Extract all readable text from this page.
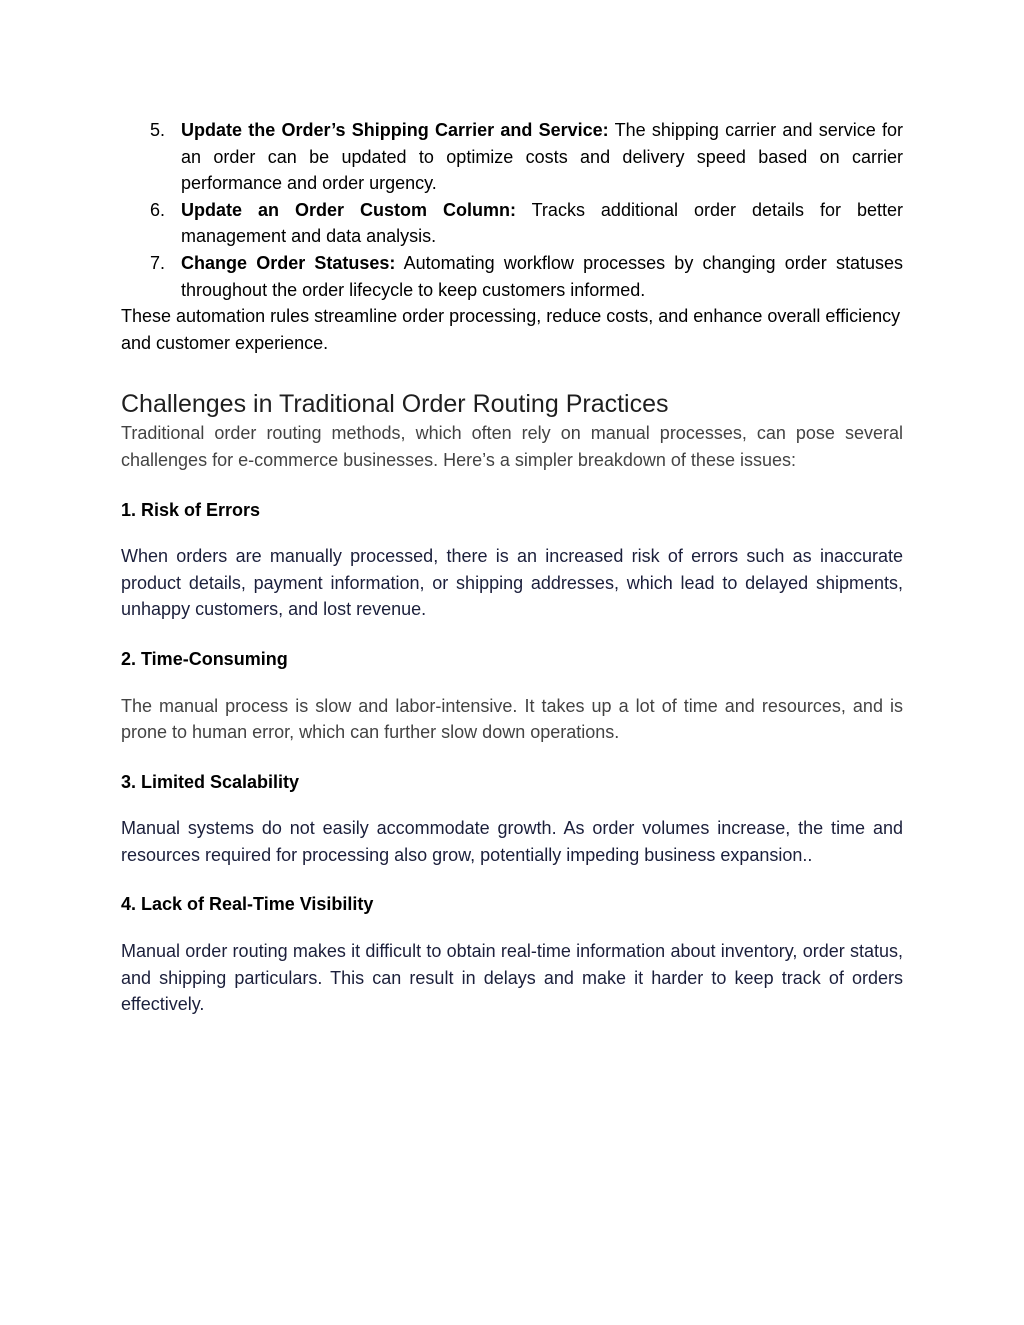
5. Update the Order’s Shipping Carrier and Service: The shipping carrier and service for an order can be updated to optimize costs and delivery speed based on carrier performance and order urgency.
6. Update an Order Custom Column: Tracks additional order details for better management and data analysis.
7. Change Order Statuses: Automating workflow processes by changing order statuses throughout the order lifecycle to keep customers informed.

These automation rules streamline order processing, reduce costs, and enhance overall efficiency and customer experience.

Challenges in Traditional Order Routing Practices

Traditional order routing methods, which often rely on manual processes, can pose several challenges for e-commerce businesses. Here’s a simpler breakdown of these issues:

1. Risk of Errors

When orders are manually processed, there is an increased risk of errors such as inaccurate product details, payment information, or shipping addresses, which lead to delayed shipments, unhappy customers, and lost revenue.

2. Time-Consuming

The manual process is slow and labor-intensive. It takes up a lot of time and resources, and is prone to human error, which can further slow down operations.

3. Limited Scalability

Manual systems do not easily accommodate growth. As order volumes increase, the time and resources required for processing also grow, potentially impeding business expansion..

4. Lack of Real-Time Visibility

Manual order routing makes it difficult to obtain real-time information about inventory, order status, and shipping particulars. This can result in delays and make it harder to keep track of orders effectively.
